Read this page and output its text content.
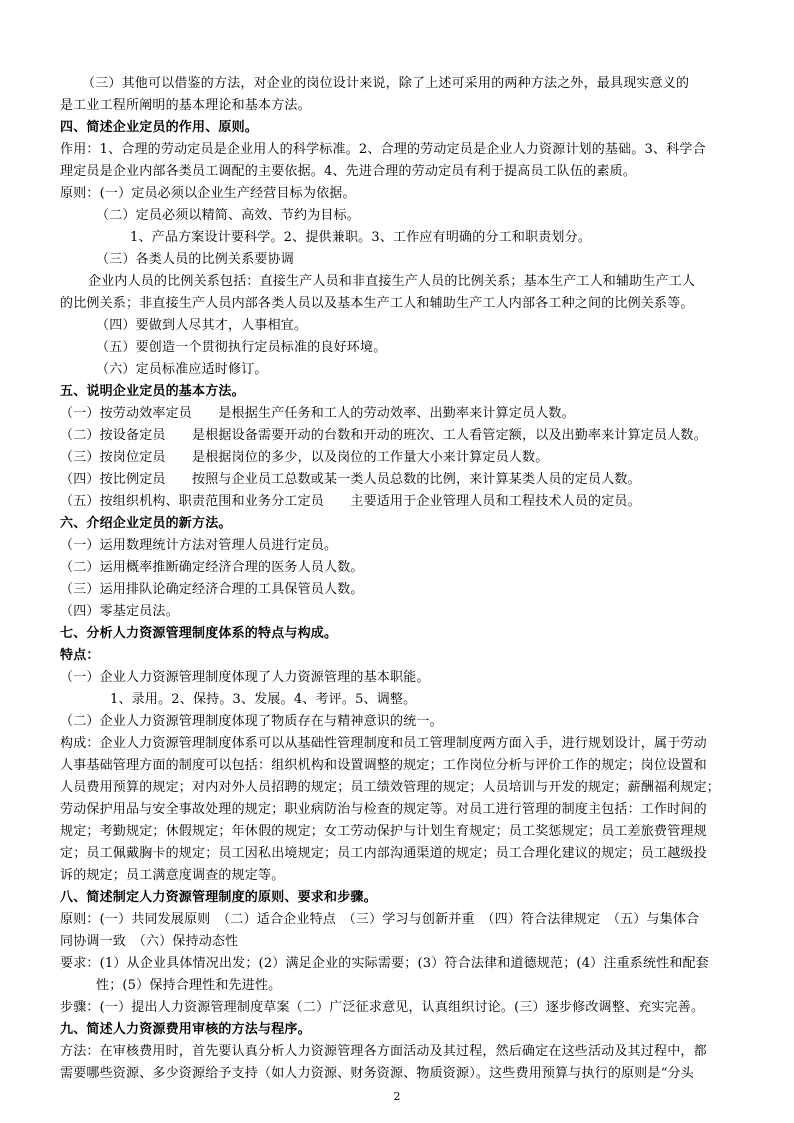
（三）其他可以借鉴的方法，对企业的岗位设计来说，除了上述可采用的两种方法之外，最具现实意义的
是工业工程所阐明的基本理论和基本方法。
四、简述企业定员的作用、原则。
作用：1、合理的劳动定员是企业用人的科学标准。2、合理的劳动定员是企业人力资源计划的基础。3、科学合
理定员是企业内部各类员工调配的主要依据。4、先进合理的劳动定员有利于提高员工队伍的素质。
原则：(一）定员必须以企业生产经营目标为依据。
（二）定员必须以精简、高效、节约为目标。
1、产品方案设计要科学。2、提供兼职。3、工作应有明确的分工和职责划分。
（三）各类人员的比例关系要协调
企业内人员的比例关系包括：直接生产人员和非直接生产人员的比例关系；基本生产工人和辅助生产工人
的比例关系；非直接生产人员内部各类人员以及基本生产工人和辅助生产工人内部各工种之间的比例关系等。
（四）要做到人尽其才，人事相宜。
（五）要创造一个贯彻执行定员标准的良好环境。
（六）定员标准应适时修订。
五、说明企业定员的基本方法。
（一）按劳动效率定员　　是根据生产任务和工人的劳动效率、出勤率来计算定员人数。
（二）按设备定员　　是根据设备需要开动的台数和开动的班次、工人看管定额，以及出勤率来计算定员人数。
（三）按岗位定员　　是根据岗位的多少，以及岗位的工作量大小来计算定员人数。
（四）按比例定员　　按照与企业员工总数或某一类人员总数的比例，来计算某类人员的定员人数。
（五）按组织机构、职责范围和业务分工定员　　主要适用于企业管理人员和工程技术人员的定员。
六、介绍企业定员的新方法。
（一）运用数理统计方法对管理人员进行定员。
（二）运用概率推断确定经济合理的医务人员人数。
（三）运用排队论确定经济合理的工具保管员人数。
（四）零基定员法。
七、分析人力资源管理制度体系的特点与构成。
特点：
（一）企业人力资源管理制度体现了人力资源管理的基本职能。
1、录用。2、保持。3、发展。4、考评。5、调整。
（二）企业人力资源管理制度体现了物质存在与精神意识的统一。
构成：企业人力资源管理制度体系可以从基础性管理制度和员工管理制度两方面入手，进行规划设计，属于劳动
人事基础管理方面的制度可以包括：组织机构和设置调整的规定；工作岗位分析与评价工作的规定；岗位设置和
人员费用预算的规定；对内对外人员招聘的规定；员工绩效管理的规定；人员培训与开发的规定；薪酬福利规定；
劳动保护用品与安全事故处理的规定；职业病防治与检查的规定等。对员工进行管理的制度主包括：工作时间的
规定；考勤规定；休假规定；年休假的规定；女工劳动保护与计划生育规定；员工奖惩规定；员工差旅费管理规
定；员工佩戴胸卡的规定；员工因私出境规定；员工内部沟通渠道的规定；员工合理化建议的规定；员工越级投
诉的规定；员工满意度调查的规定等。
八、简述制定人力资源管理制度的原则、要求和步骤。
原则：(一）共同发展原则　（二）适合企业特点　（三）学习与创新并重　（四）符合法律规定　（五）与集体合
同协调一致　（六）保持动态性
要求：(1）从企业具体情况出发；(2）满足企业的实际需要；(3）符合法律和道德规范；(4）注重系统性和配套
性；(5）保持合理性和先进性。
步骤：(一）提出人力资源管理制度草案（二）广泛征求意见，认真组织讨论。(三）逐步修改调整、充实完善。
九、简述人力资源费用审核的方法与程序。
方法：在审核费用时，首先要认真分析人力资源管理各方面活动及其过程，然后确定在这些活动及其过程中，都
需要哪些资源、多少资源给予支持（如人力资源、财务资源、物质资源）。这些费用预算与执行的原则是“分头
2
